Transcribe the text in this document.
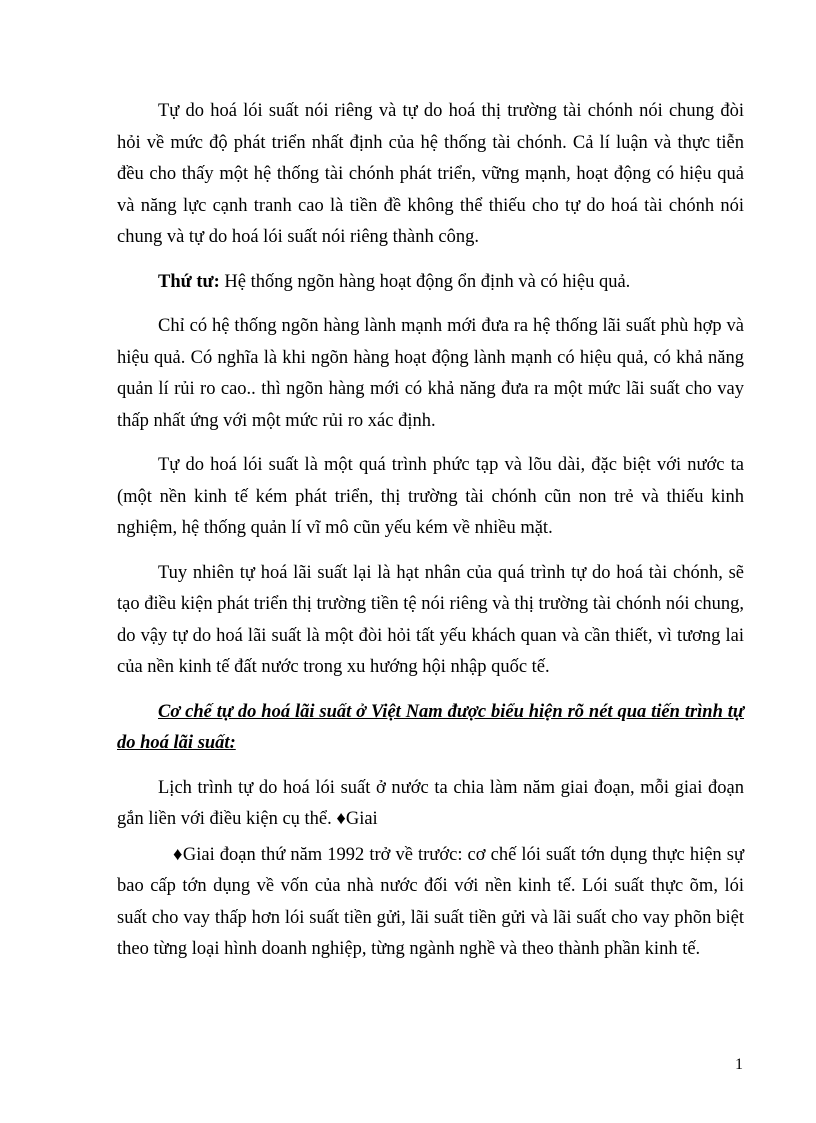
Tự do hoá lói suất nói riêng và tự do hoá thị trường tài chónh nói chung đòi hỏi về mức độ phát triển nhất định của hệ thống tài chónh. Cả lí luận và thực tiễn đều cho thấy một hệ thống tài chónh phát triển, vững mạnh, hoạt động có hiệu quả và năng lực cạnh tranh cao là tiền đề không thể thiếu cho tự do hoá tài chónh nói chung và tự do hoá lói suất nói riêng thành công.

Thứ tư: Hệ thống ngõn hàng hoạt động ổn định và có hiệu quả.

Chỉ có hệ thống ngõn hàng lành mạnh mới đưa ra hệ thống lãi suất phù hợp và hiệu quả. Có nghĩa là khi ngõn hàng hoạt động lành mạnh có hiệu quả, có khả năng quản lí rủi ro cao.. thì ngõn hàng mới có khả năng đưa ra một mức lãi suất cho vay thấp nhất ứng với một mức rủi ro xác định.

Tự do hoá lói suất là một quá trình phức tạp và lõu dài, đặc biệt với nước ta (một nền kinh tế kém phát triển, thị trường tài chónh cũn non trẻ và thiếu kinh nghiệm, hệ thống quản lí vĩ mô cũn yếu kém về nhiều mặt.

Tuy nhiên tự hoá lãi suất lại là hạt nhân của quá trình tự do hoá tài chónh, sẽ tạo điều kiện phát triển thị trường tiền tệ nói riêng và thị trường tài chónh nói chung, do vậy tự do hoá lãi suất là một đòi hỏi tất yếu khách quan và cần thiết, vì tương lai của nền kinh tế đất nước trong xu hướng hội nhập quốc tế.

Cơ chế tự do hoá lãi suất ở Việt Nam được biểu hiện rõ nét qua tiến trình tự do hoá lãi suất:

Lịch trình tự do hoá lói suất ở nước ta chia làm năm giai đoạn, mỗi giai đoạn gắn liền với điều kiện cụ thể. ♦Giai

♦Giai đoạn thứ năm 1992 trở về trước: cơ chế lói suất tớn dụng thực hiện sự bao cấp tớn dụng về vốn của nhà nước đối với nền kinh tế. Lói suất thực õm, lói suất cho vay thấp hơn lói suất tiền gửi, lãi suất tiền gửi và lãi suất cho vay phõn biệt theo từng loại hình doanh nghiệp, từng ngành nghề và theo thành phần kinh tế.

1
